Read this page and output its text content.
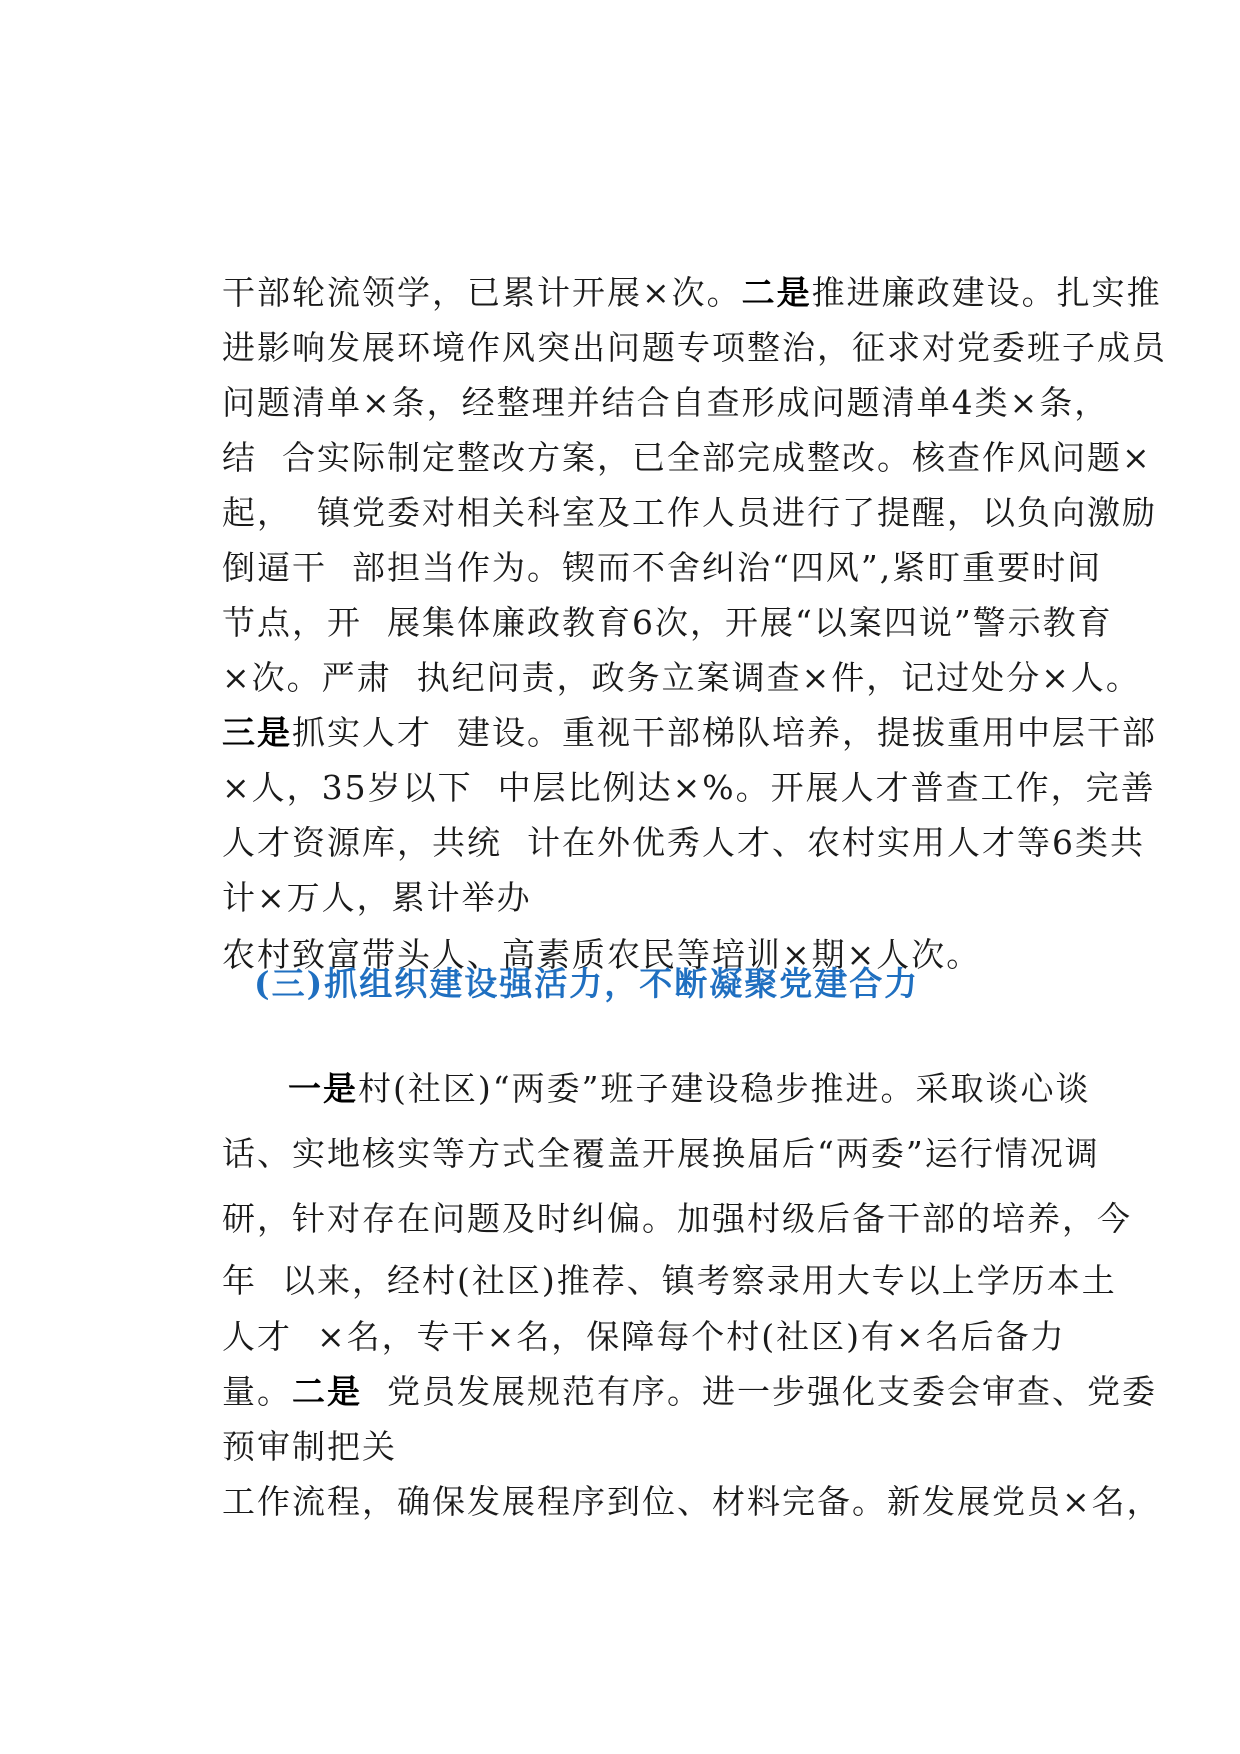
干部轮流领学，已累计开展×次。二是推进廉政建设。扎实推

进影响发展环境作风突出问题专项整治，征求对党委班子成员

问题清单×条，经整理并结合自查形成问题清单4类×条，

结  合实际制定整改方案，已全部完成整改。核查作风问题×

起，  镇党委对相关科室及工作人员进行了提醒，以负向激励

倒逼干  部担当作为。锲而不舍纠治“四风”,紧盯重要时间

节点，开  展集体廉政教育6次，开展“以案四说”警示教育

×次。严肃  执纪问责，政务立案调查×件，记过处分×人。

三是抓实人才  建设。重视干部梯队培养，提拔重用中层干部

×人，35岁以下  中层比例达×%。开展人才普查工作，完善

人才资源库，共统  计在外优秀人才、农村实用人才等6类共

计×万人，累计举办

农村致富带头人、高素质农民等培训×期×人次。

(三)抓组织建设强活力，不断凝聚党建合力

一是村(社区)“两委”班子建设稳步推进。采取谈心谈

话、实地核实等方式全覆盖开展换届后“两委”运行情况调

研，针对存在问题及时纠偏。加强村级后备干部的培养，今

年  以来，经村(社区)推荐、镇考察录用大专以上学历本土

人才  ×名，专干×名，保障每个村(社区)有×名后备力

量。二是  党员发展规范有序。进一步强化支委会审查、党委

预审制把关

工作流程，确保发展程序到位、材料完备。新发展党员×名，
